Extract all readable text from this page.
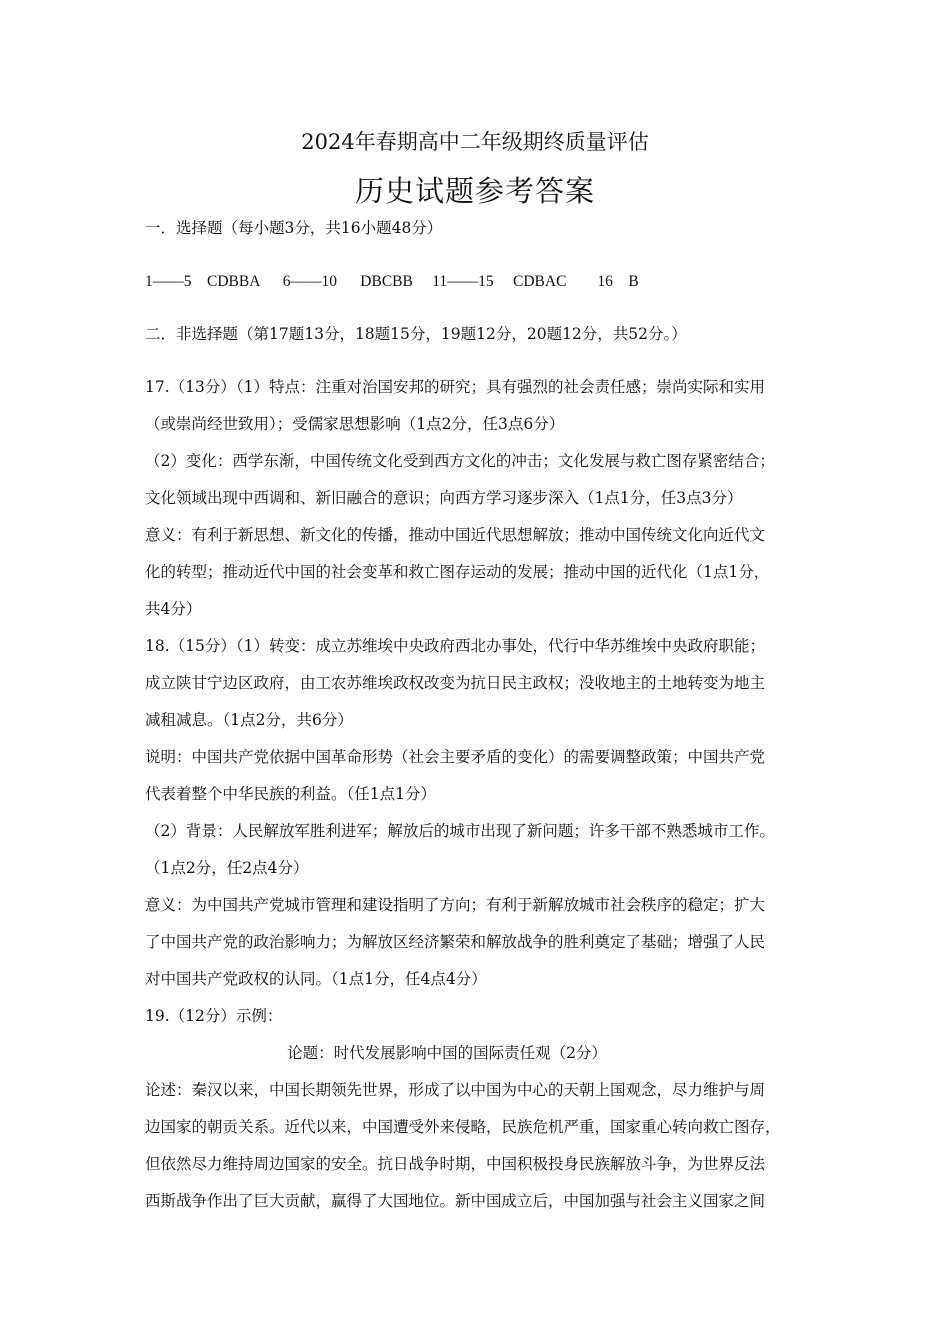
2024年春期高中二年级期终质量评估
历史试题参考答案
一．选择题（每小题3分，共16小题48分）
1——5    CDBBA      6——10      DBCBB     11——15     CDBAC        16    B
二．非选择题（第17题13分，18题15分，19题12分，20题12分，共52分。）
17.（13分）（1）特点：注重对治国安邦的研究；具有强烈的社会责任感；崇尚实际和实用
（或崇尚经世致用）；受儒家思想影响（1点2分，任3点6分）
（2）变化：西学东渐，中国传统文化受到西方文化的冲击；文化发展与救亡图存紧密结合；
文化领域出现中西调和、新旧融合的意识；向西方学习逐步深入（1点1分，任3点3分）
意义：有利于新思想、新文化的传播，推动中国近代思想解放；推动中国传统文化向近代文
化的转型；推动近代中国的社会变革和救亡图存运动的发展；推动中国的近代化（1点1分，
共4分）
18.（15分）（1）转变：成立苏维埃中央政府西北办事处，代行中华苏维埃中央政府职能；
成立陕甘宁边区政府，由工农苏维埃政权改变为抗日民主政权；没收地主的土地转变为地主
减租减息。（1点2分，共6分）
说明：中国共产党依据中国革命形势（社会主要矛盾的变化）的需要调整政策；中国共产党
代表着整个中华民族的利益。（任1点1分）
（2）背景：人民解放军胜利进军；解放后的城市出现了新问题；许多干部不熟悉城市工作。
（1点2分，任2点4分）
意义：为中国共产党城市管理和建设指明了方向；有利于新解放城市社会秩序的稳定；扩大
了中国共产党的政治影响力；为解放区经济繁荣和解放战争的胜利奠定了基础；增强了人民
对中国共产党政权的认同。（1点1分，任4点4分）
19.（12分）示例：
论题：时代发展影响中国的国际责任观（2分）
论述：秦汉以来，中国长期领先世界，形成了以中国为中心的天朝上国观念，尽力维护与周
边国家的朝贡关系。近代以来，中国遭受外来侵略，民族危机严重，国家重心转向救亡图存，
但依然尽力维持周边国家的安全。抗日战争时期，中国积极投身民族解放斗争，为世界反法
西斯战争作出了巨大贡献，赢得了大国地位。新中国成立后，中国加强与社会主义国家之间
